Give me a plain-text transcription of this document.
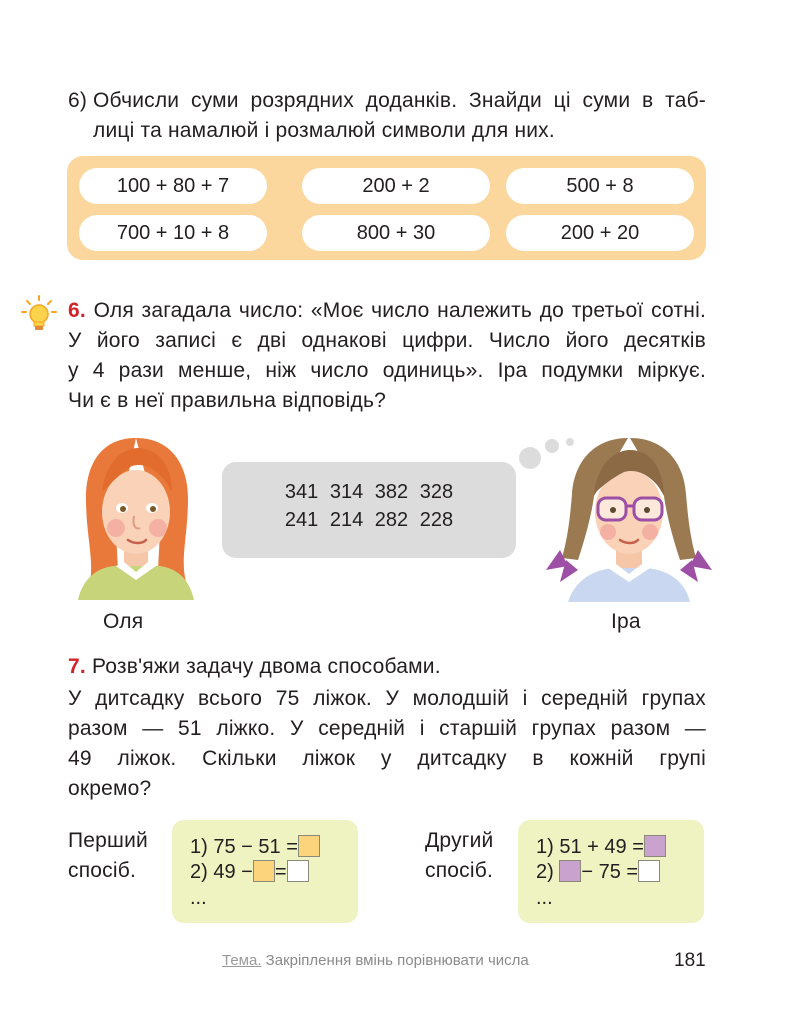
6) Обчисли суми розрядних доданків. Знайди ці суми в таб-
лиці та намалюй і розмалюй символи для них.
100 + 80 + 7	200 + 2	500 + 8
700 + 10 + 8	800 + 30	200 + 20
6. Оля загадала число: «Моє число належить до третьої сотні.
У його записі є дві однакові цифри. Число його десятків
у 4 рази менше, ніж число одиниць». Іра подумки міркує.
Чи є в неї правильна відповідь?
Оля
341 314 382 328
241 214 282 228
Іра
7. Розв'яжи задачу двома способами.
У дитсадку всього 75 ліжок. У молодшій і середній групах
разом — 51 ліжко. У середній і старшій групах разом —
49 ліжок. Скільки ліжок у дитсадку в кожній групі
окремо?
Перший
спосіб.
1) 75 − 51 =
2) 49 − =
...
Другий
спосіб.
1) 51 + 49 =
2) − 75 =
...
Тема. Закріплення вмінь порівнювати числа	181
